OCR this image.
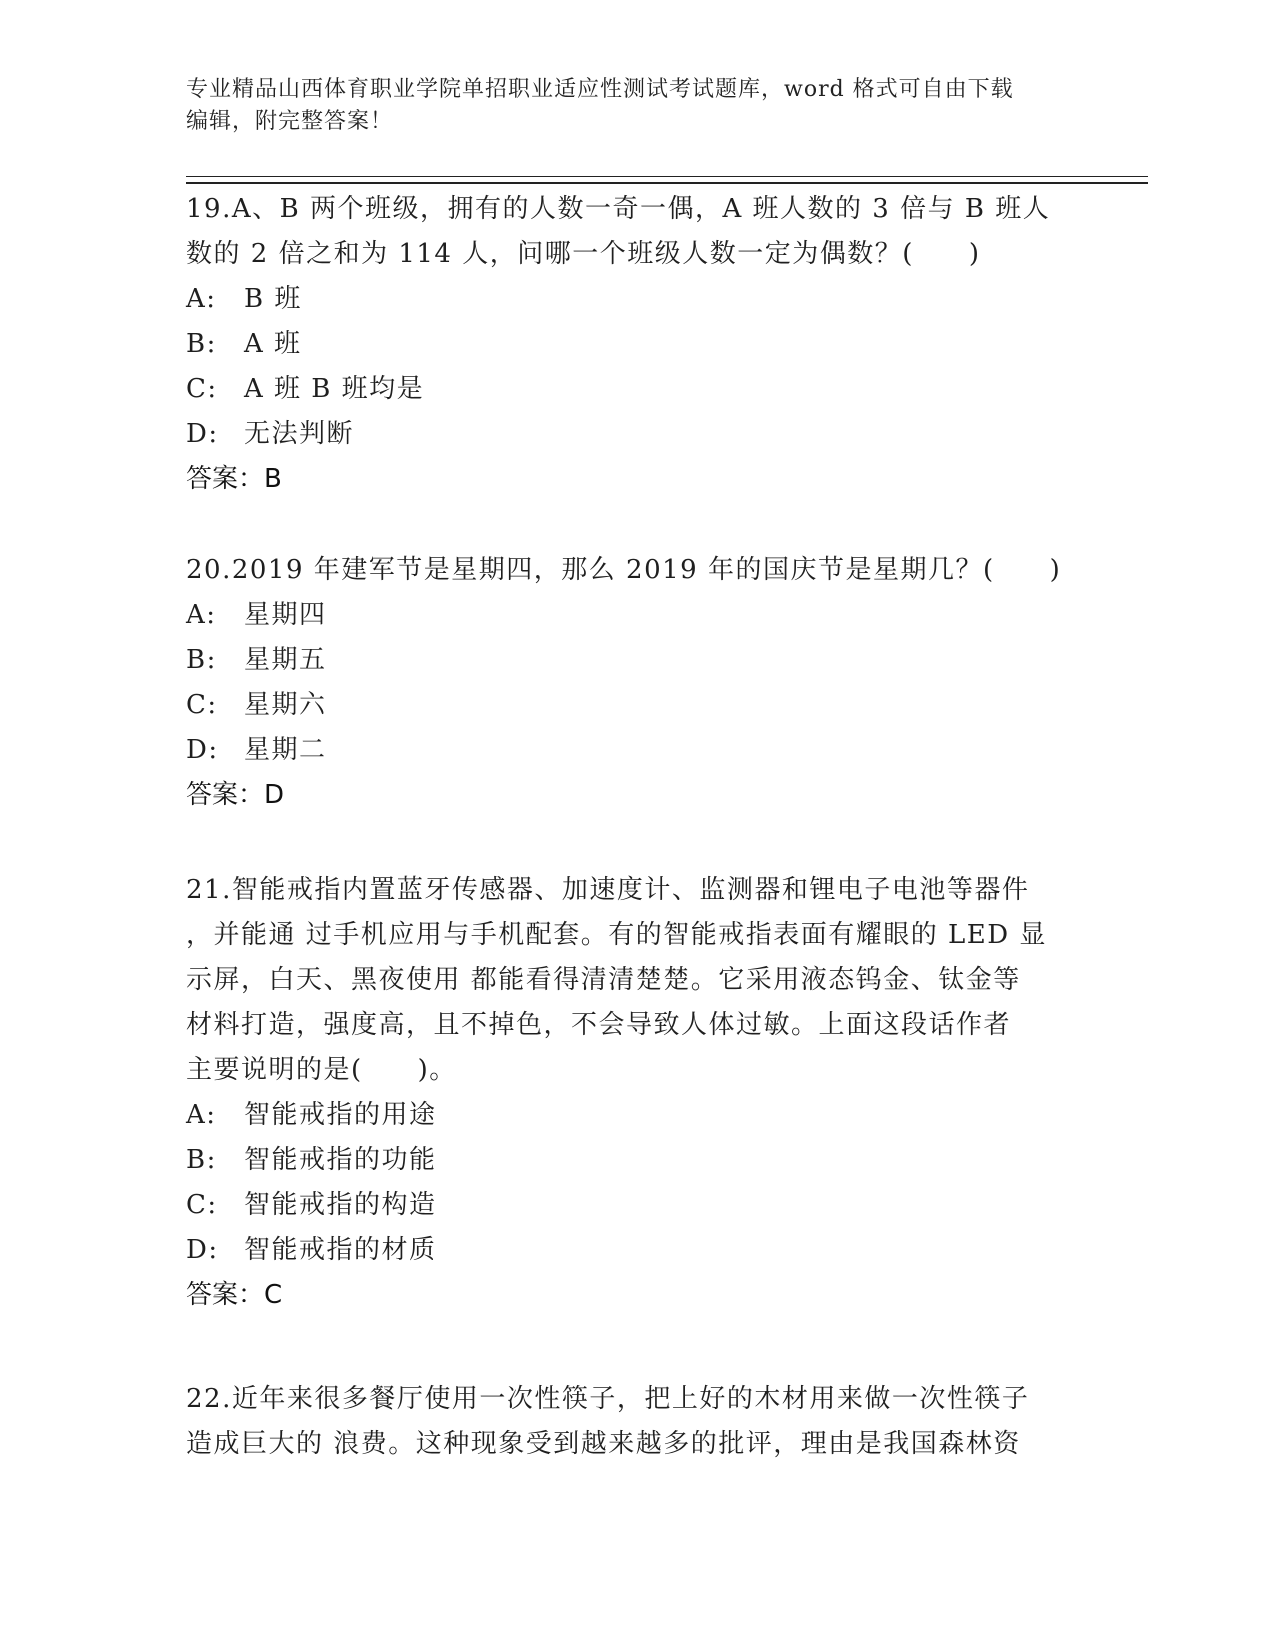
专业精品山西体育职业学院单招职业适应性测试考试题库，word 格式可自由下载
编辑，附完整答案！
19.A、B 两个班级，拥有的人数一奇一偶，A 班人数的 3 倍与 B 班人
数的 2 倍之和为 114 人，问哪一个班级人数一定为偶数？(　　)
A:	B 班
B:	A 班
C:	A 班 B 班均是
D: 无法判断
答案：B
20.2019 年建军节是星期四，那么 2019 年的国庆节是星期几？(　　)
A:	星期四
B:	星期五
C:	星期六
D: 星期二
答案：D
21.智能戒指内置蓝牙传感器、加速度计、监测器和锂电子电池等器件
，并能通 过手机应用与手机配套。有的智能戒指表面有耀眼的 LED 显
示屏，白天、黑夜使用 都能看得清清楚楚。它采用液态钨金、钛金等
材料打造，强度高，且不掉色，不会导致人体过敏。上面这段话作者
主要说明的是(　　)。
A:	智能戒指的用途
B:	智能戒指的功能
C:	智能戒指的构造
D: 智能戒指的材质
答案：C
22.近年来很多餐厅使用一次性筷子，把上好的木材用来做一次性筷子
造成巨大的 浪费。这种现象受到越来越多的批评，理由是我国森林资
